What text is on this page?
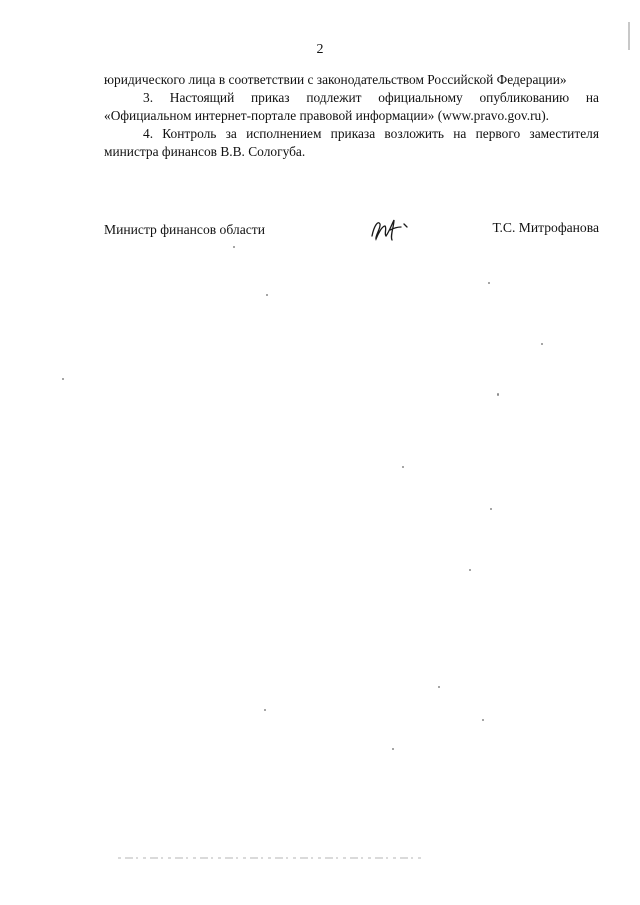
2

юридического лица в соответствии с законодательством Российской Федерации»

3. Настоящий приказ подлежит официальному опубликованию на «Официальном интернет-портале правовой информации» (www.pravo.gov.ru).

4. Контроль за исполнением приказа возложить на первого заместителя министра финансов В.В. Сологуба.

Министр финансов области	Т.С. Митрофанова
